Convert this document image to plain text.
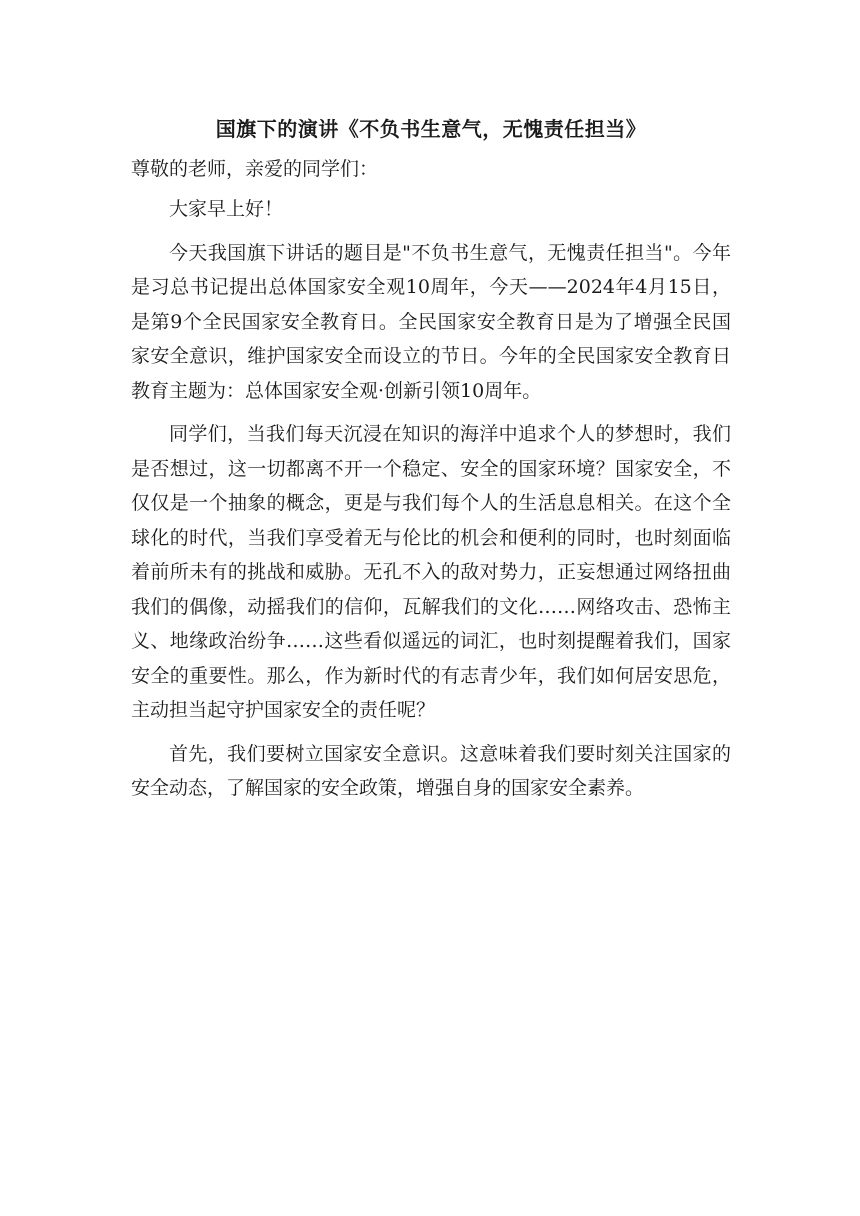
国旗下的演讲《不负书生意气，无愧责任担当》

尊敬的老师，亲爱的同学们：

大家早上好！

今天我国旗下讲话的题目是"不负书生意气，无愧责任担当"。今年是习总书记提出总体国家安全观10周年，今天——2024年4月15日，是第9个全民国家安全教育日。全民国家安全教育日是为了增强全民国家安全意识，维护国家安全而设立的节日。今年的全民国家安全教育日教育主题为：总体国家安全观·创新引领10周年。

同学们，当我们每天沉浸在知识的海洋中追求个人的梦想时，我们是否想过，这一切都离不开一个稳定、安全的国家环境？国家安全，不仅仅是一个抽象的概念，更是与我们每个人的生活息息相关。在这个全球化的时代，当我们享受着无与伦比的机会和便利的同时，也时刻面临着前所未有的挑战和威胁。无孔不入的敌对势力，正妄想通过网络扭曲我们的偶像，动摇我们的信仰，瓦解我们的文化……网络攻击、恐怖主义、地缘政治纷争……这些看似遥远的词汇，也时刻提醒着我们，国家安全的重要性。那么，作为新时代的有志青少年，我们如何居安思危，主动担当起守护国家安全的责任呢？

首先，我们要树立国家安全意识。这意味着我们要时刻关注国家的安全动态，了解国家的安全政策，增强自身的国家安全素养。
